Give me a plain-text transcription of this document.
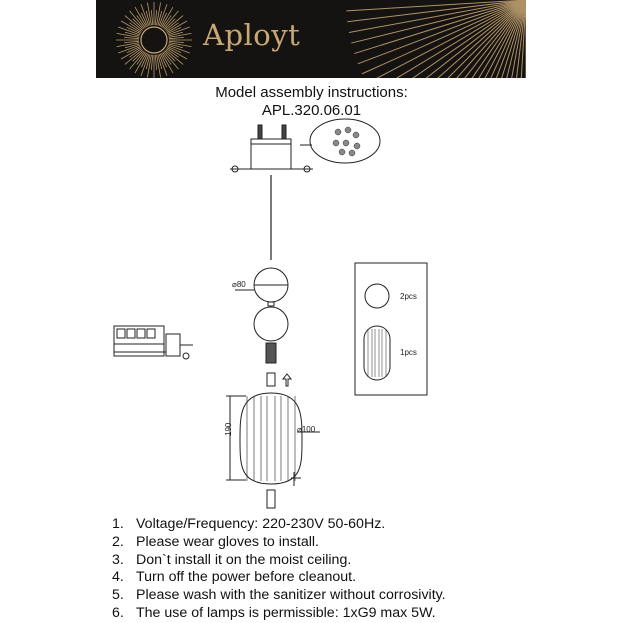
Aployt
Model assembly instructions:
APL.320.06.01
⌀80
190	⌀100
2pcs
1pcs
1. Voltage/Frequency: 220-230V 50-60Hz.
2. Please wear gloves to install.
3. Don`t install it on the moist ceiling.
4. Turn off the power before cleanout.
5. Please wash with the sanitizer without corrosivity.
6. The use of lamps is permissible: 1xG9 max 5W.
